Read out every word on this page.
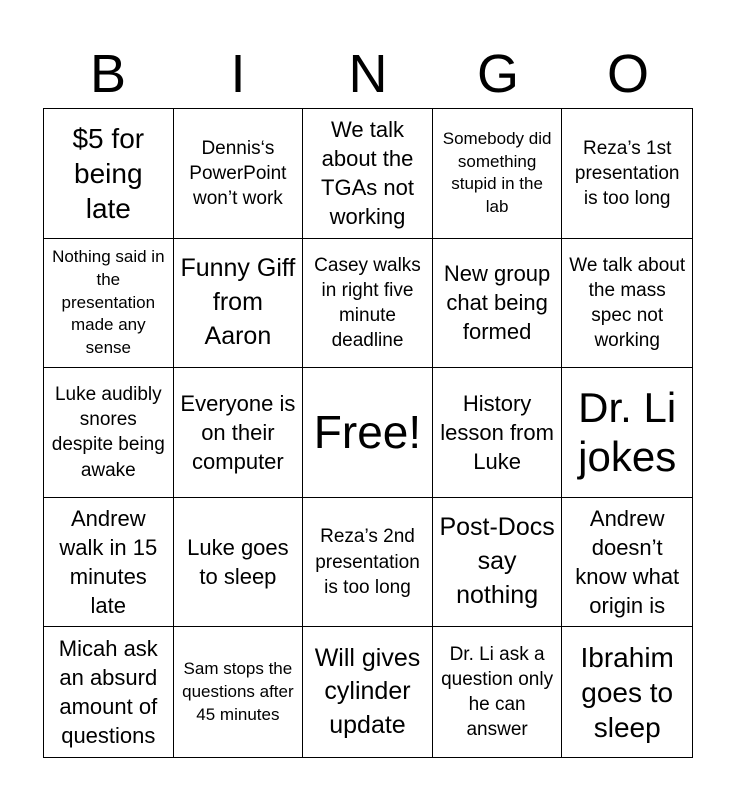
B	I	N	G	O
$5 for being late
Dennis‘s PowerPoint won’t work
We talk about the TGAs not working
Somebody did something stupid in the lab
Reza’s 1st presentation is too long
Nothing said in the presentation made any sense
Funny Giff from Aaron
Casey walks in right five minute deadline
New group chat being formed
We talk about the mass spec not working
Luke audibly snores despite being awake
Everyone is on their computer
Free!
History lesson from Luke
Dr. Li jokes
Andrew walk in 15 minutes late
Luke goes to sleep
Reza’s 2nd presentation is too long
Post-Docs say nothing
Andrew doesn’t know what origin is
Micah ask an absurd amount of questions
Sam stops the questions after 45 minutes
Will gives cylinder update
Dr. Li ask a question only he can answer
Ibrahim goes to sleep
